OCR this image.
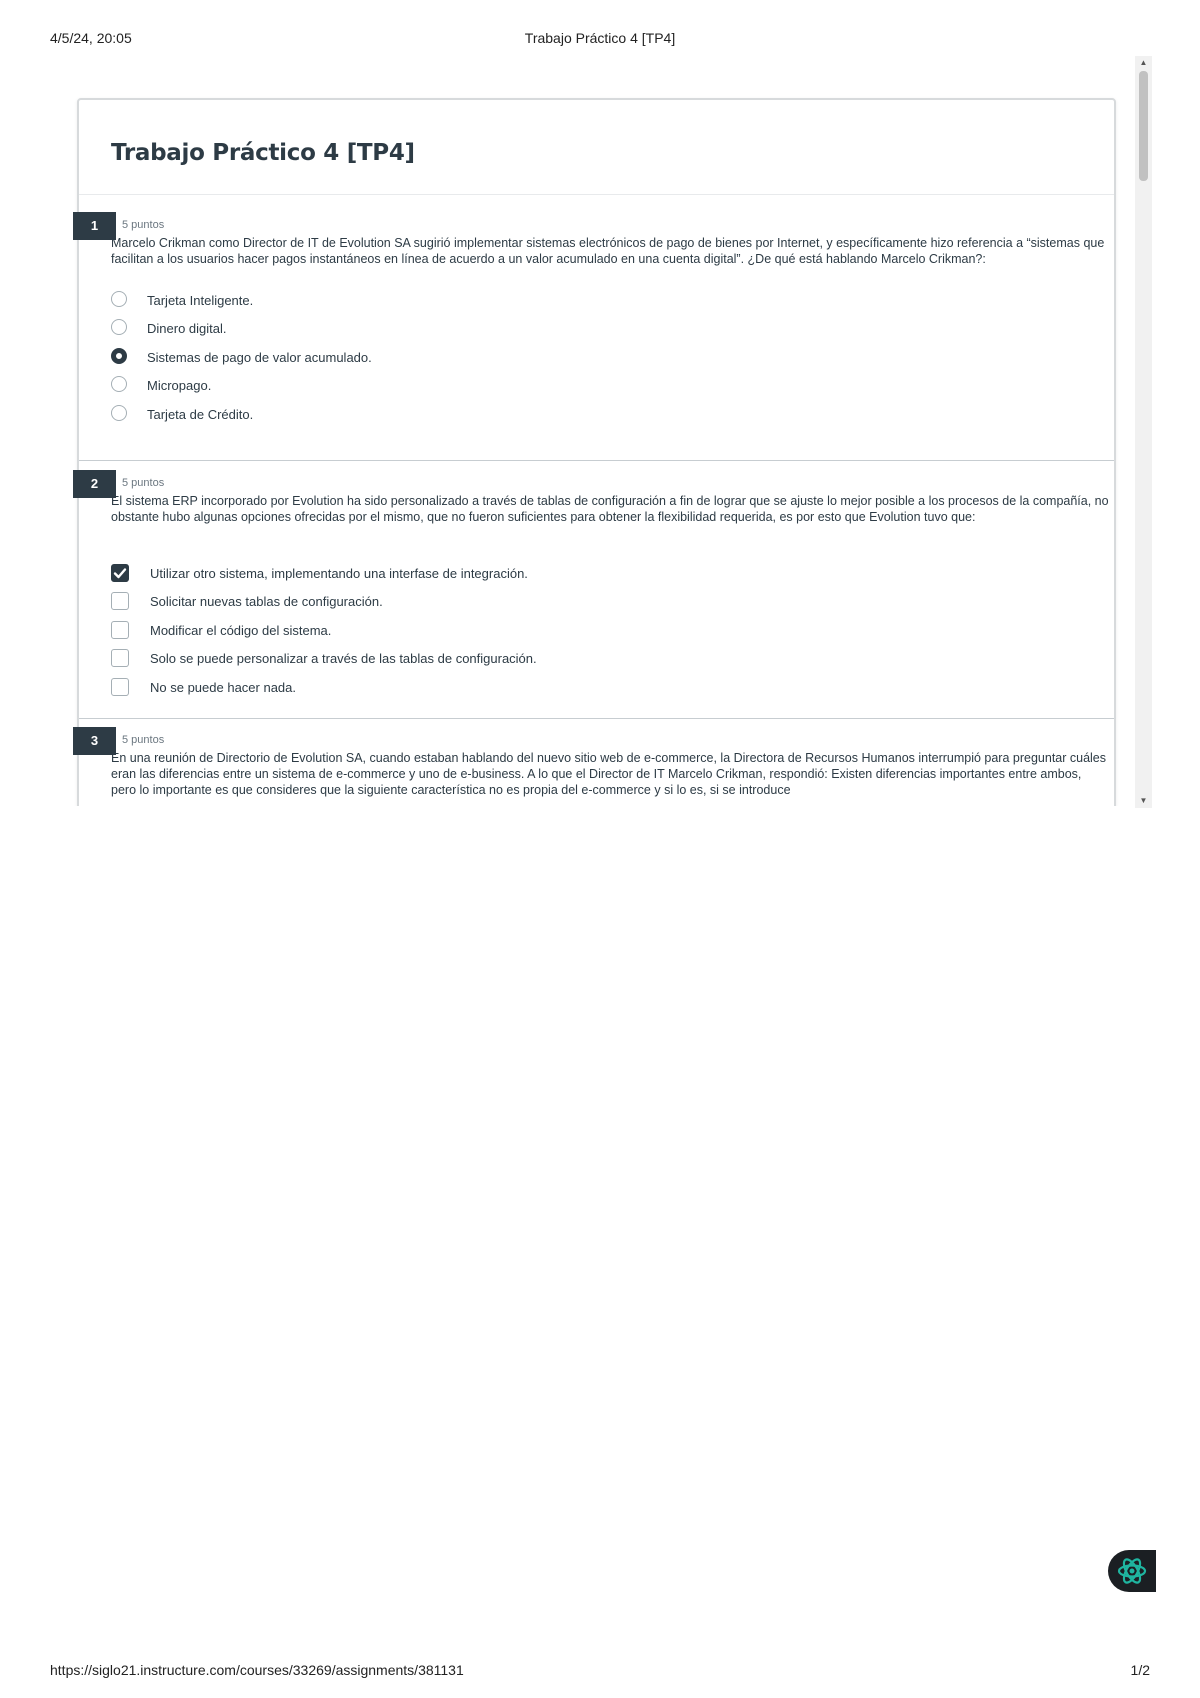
4/5/24, 20:05	Trabajo Práctico 4 [TP4]
Trabajo Práctico 4 [TP4]
1	5 puntos
Marcelo Crikman como Director de IT de Evolution SA sugirió implementar sistemas electrónicos de pago de bienes por Internet, y específicamente hizo referencia a “sistemas que facilitan a los usuarios hacer pagos instantáneos en línea de acuerdo a un valor acumulado en una cuenta digital”. ¿De qué está hablando Marcelo Crikman?:
Tarjeta Inteligente.
Dinero digital.
Sistemas de pago de valor acumulado.
Micropago.
Tarjeta de Crédito.
2	5 puntos
El sistema ERP incorporado por Evolution ha sido personalizado a través de tablas de configuración a fin de lograr que se ajuste lo mejor posible a los procesos de la compañía, no obstante hubo algunas opciones ofrecidas por el mismo, que no fueron suficientes para obtener la flexibilidad requerida, es por esto que Evolution tuvo que:
Utilizar otro sistema, implementando una interfase de integración.
Solicitar nuevas tablas de configuración.
Modificar el código del sistema.
Solo se puede personalizar a través de las tablas de configuración.
No se puede hacer nada.
3	5 puntos
En una reunión de Directorio de Evolution SA, cuando estaban hablando del nuevo sitio web de e-commerce, la Directora de Recursos Humanos interrumpió para preguntar cuáles eran las diferencias entre un sistema de e-commerce y uno de e-business. A lo que el Director de IT Marcelo Crikman, respondió: Existen diferencias importantes entre ambos, pero lo importante es que consideres que la siguiente característica no es propia del e-commerce y si lo es, si se introduce
▲
▼
https://siglo21.instructure.com/courses/33269/assignments/381131	1/2
